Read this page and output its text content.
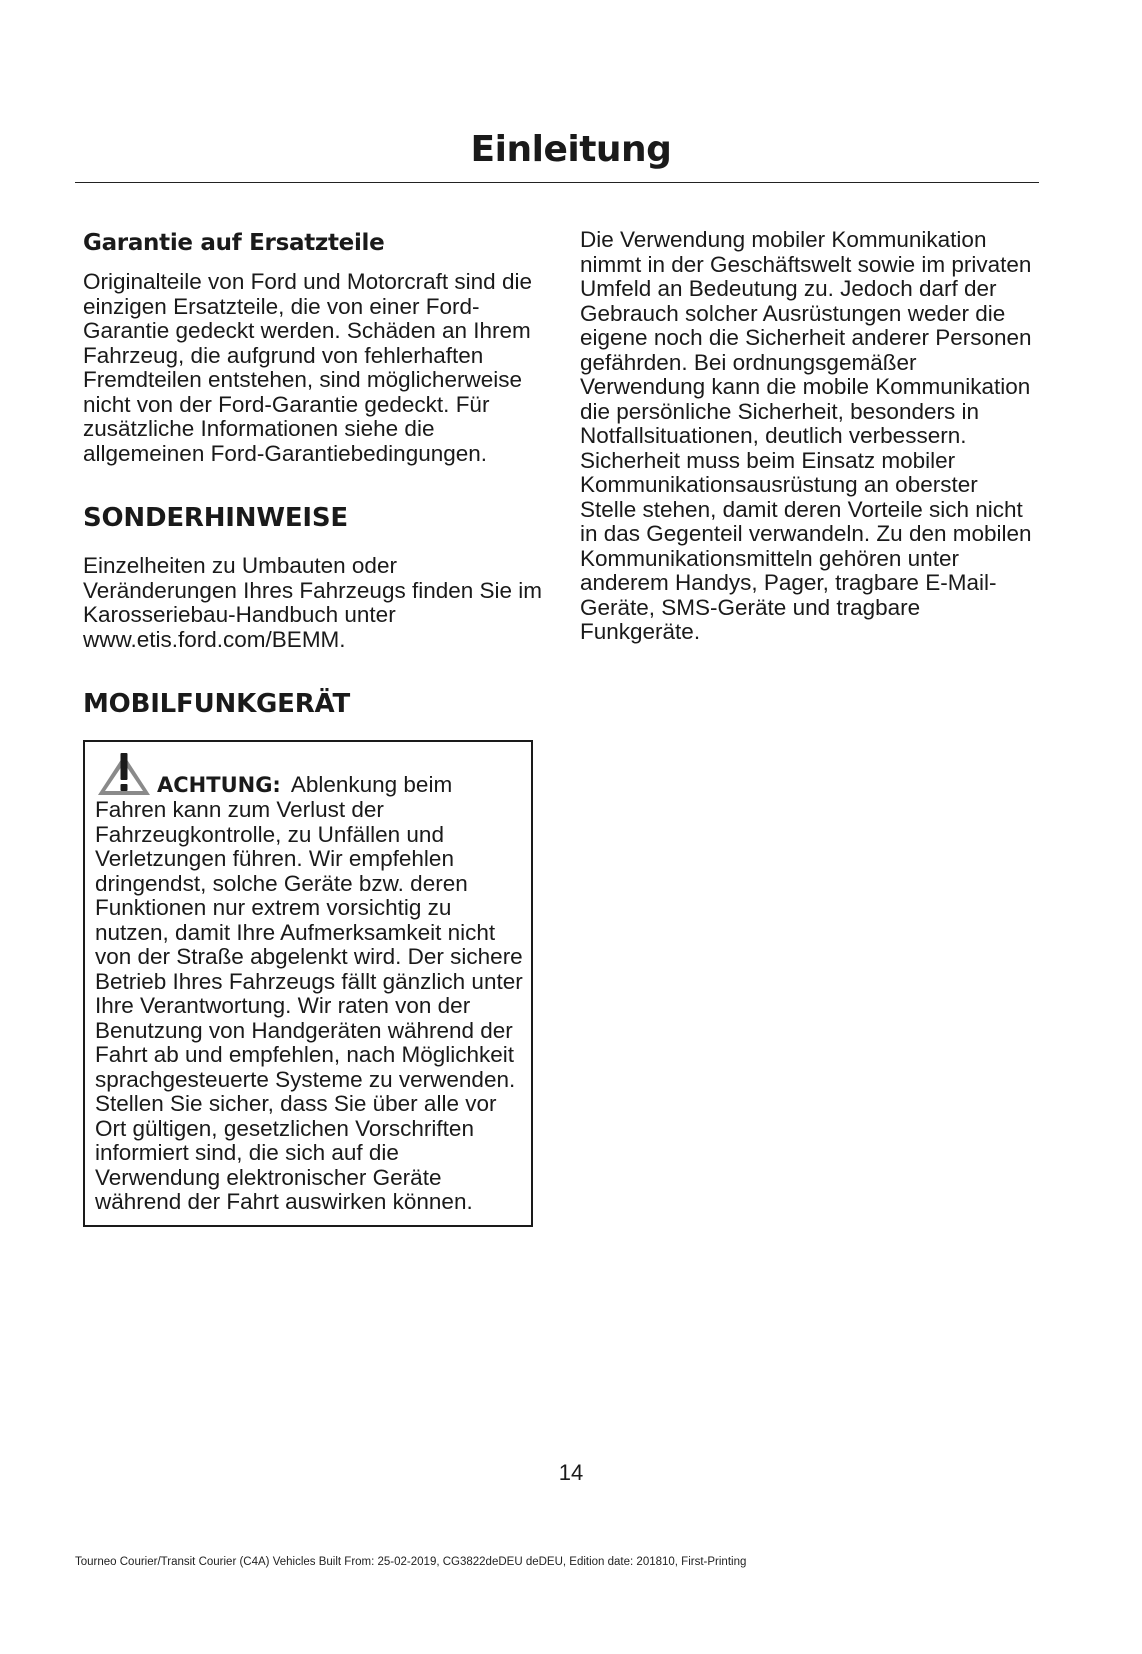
Einleitung
Garantie auf Ersatzteile

Originalteile von Ford und Motorcraft sind die einzigen Ersatzteile, die von einer Ford-Garantie gedeckt werden. Schäden an Ihrem Fahrzeug, die aufgrund von fehlerhaften Fremdteilen entstehen, sind möglicherweise nicht von der Ford-Garantie gedeckt. Für zusätzliche Informationen siehe die allgemeinen Ford-Garantiebedingungen.

SONDERHINWEISE

Einzelheiten zu Umbauten oder Veränderungen Ihres Fahrzeugs finden Sie im Karosseriebau-Handbuch unter www.etis.ford.com/BEMM.

MOBILFUNKGERÄT

ACHTUNG: Ablenkung beim Fahren kann zum Verlust der Fahrzeugkontrolle, zu Unfällen und Verletzungen führen. Wir empfehlen dringendst, solche Geräte bzw. deren Funktionen nur extrem vorsichtig zu nutzen, damit Ihre Aufmerksamkeit nicht von der Straße abgelenkt wird. Der sichere Betrieb Ihres Fahrzeugs fällt gänzlich unter Ihre Verantwortung. Wir raten von der Benutzung von Handgeräten während der Fahrt ab und empfehlen, nach Möglichkeit sprachgesteuerte Systeme zu verwenden. Stellen Sie sicher, dass Sie über alle vor Ort gültigen, gesetzlichen Vorschriften informiert sind, die sich auf die Verwendung elektronischer Geräte während der Fahrt auswirken können.

Die Verwendung mobiler Kommunikation nimmt in der Geschäftswelt sowie im privaten Umfeld an Bedeutung zu. Jedoch darf der Gebrauch solcher Ausrüstungen weder die eigene noch die Sicherheit anderer Personen gefährden. Bei ordnungsgemäßer Verwendung kann die mobile Kommunikation die persönliche Sicherheit, besonders in Notfallsituationen, deutlich verbessern. Sicherheit muss beim Einsatz mobiler Kommunikationsausrüstung an oberster Stelle stehen, damit deren Vorteile sich nicht in das Gegenteil verwandeln. Zu den mobilen Kommunikationsmitteln gehören unter anderem Handys, Pager, tragbare E-Mail-Geräte, SMS-Geräte und tragbare Funkgeräte.

14
Tourneo Courier/Transit Courier (C4A) Vehicles Built From: 25-02-2019, CG3822deDEU deDEU, Edition date: 201810, First-Printing
